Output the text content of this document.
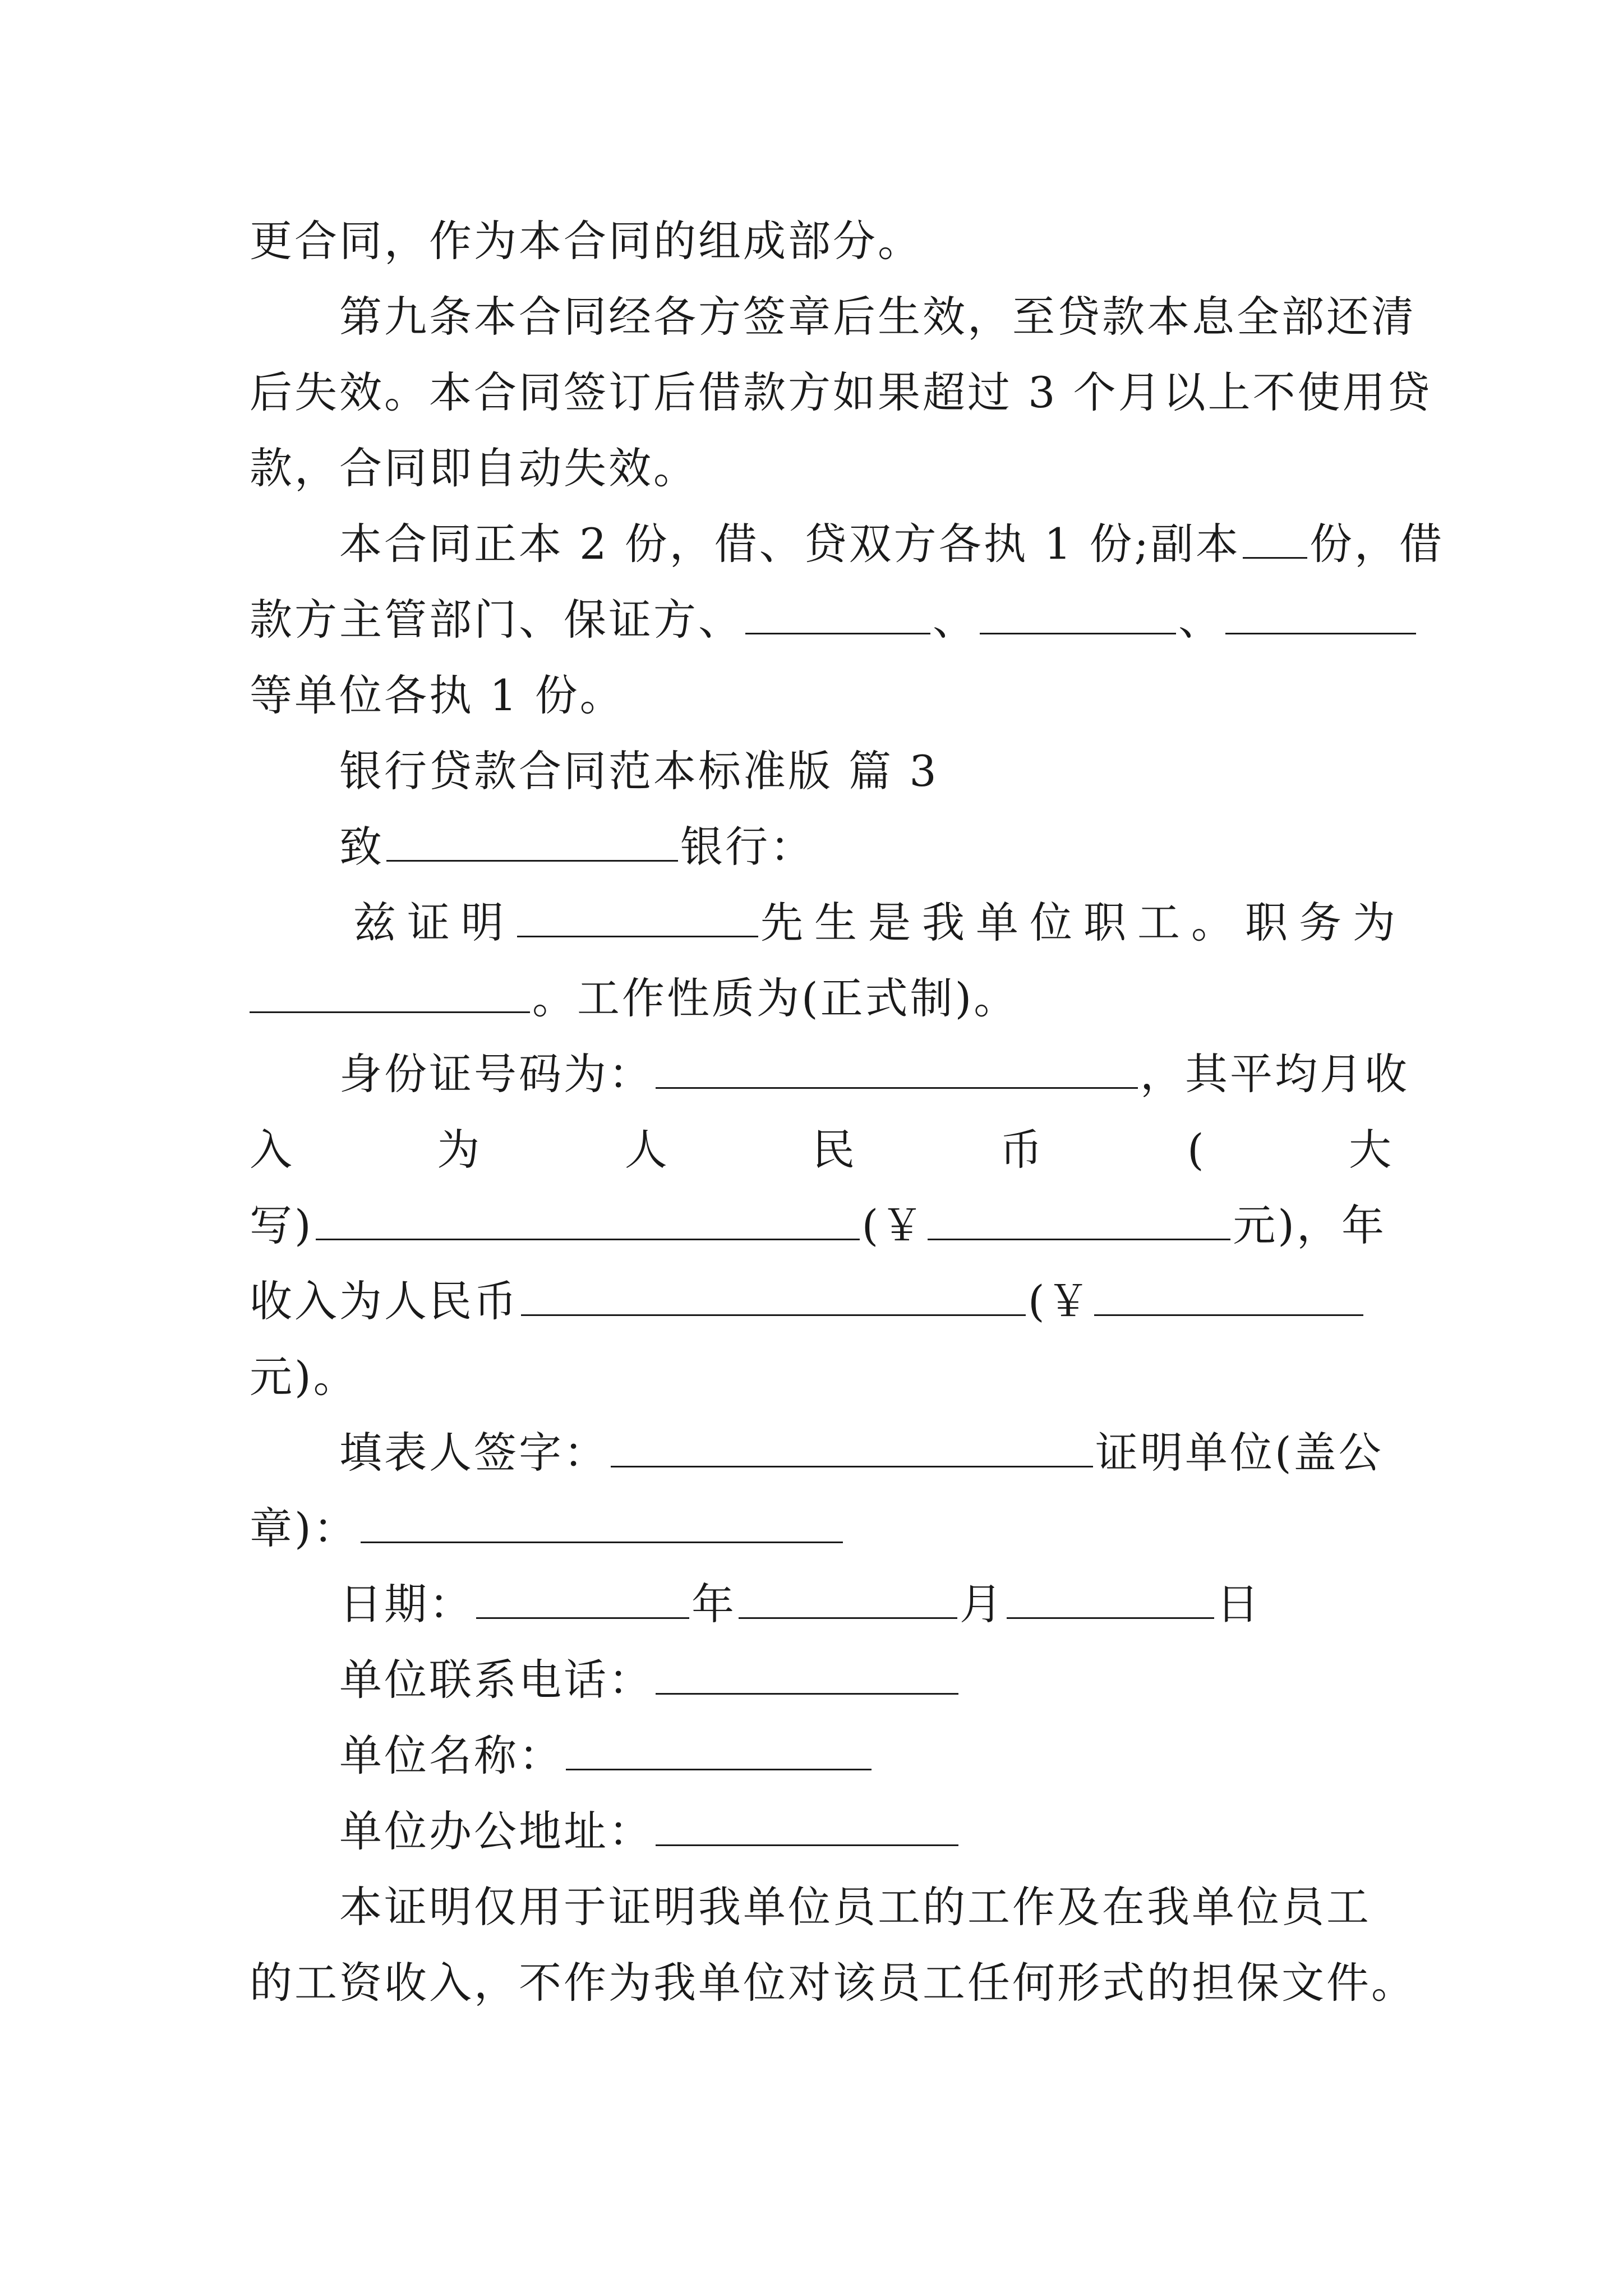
更合同，作为本合同的组成部分。
第九条本合同经各方签章后生效，至贷款本息全部还清
后失效。本合同签订后借款方如果超过 3 个月以上不使用贷
款，合同即自动失效。
本合同正本 2 份，借、贷双方各执 1 份;副本 份，借
款方主管部门、保证方、	、	、
等单位各执 1 份。
银行贷款合同范本标准版 篇 3
致	银行：
兹证明	先生是我单位职工。职务为
。工作性质为(正式制)。
身份证号码为：	，其平均月收
入	为	人	民	币	(	大
写)	(￥	元)，年
收入为人民币	(￥
元)。
填表人签字：	证明单位(盖公
章)：
日期：	年	月	日
单位联系电话：
单位名称：
单位办公地址：
本证明仅用于证明我单位员工的工作及在我单位员工
的工资收入，不作为我单位对该员工任何形式的担保文件。
